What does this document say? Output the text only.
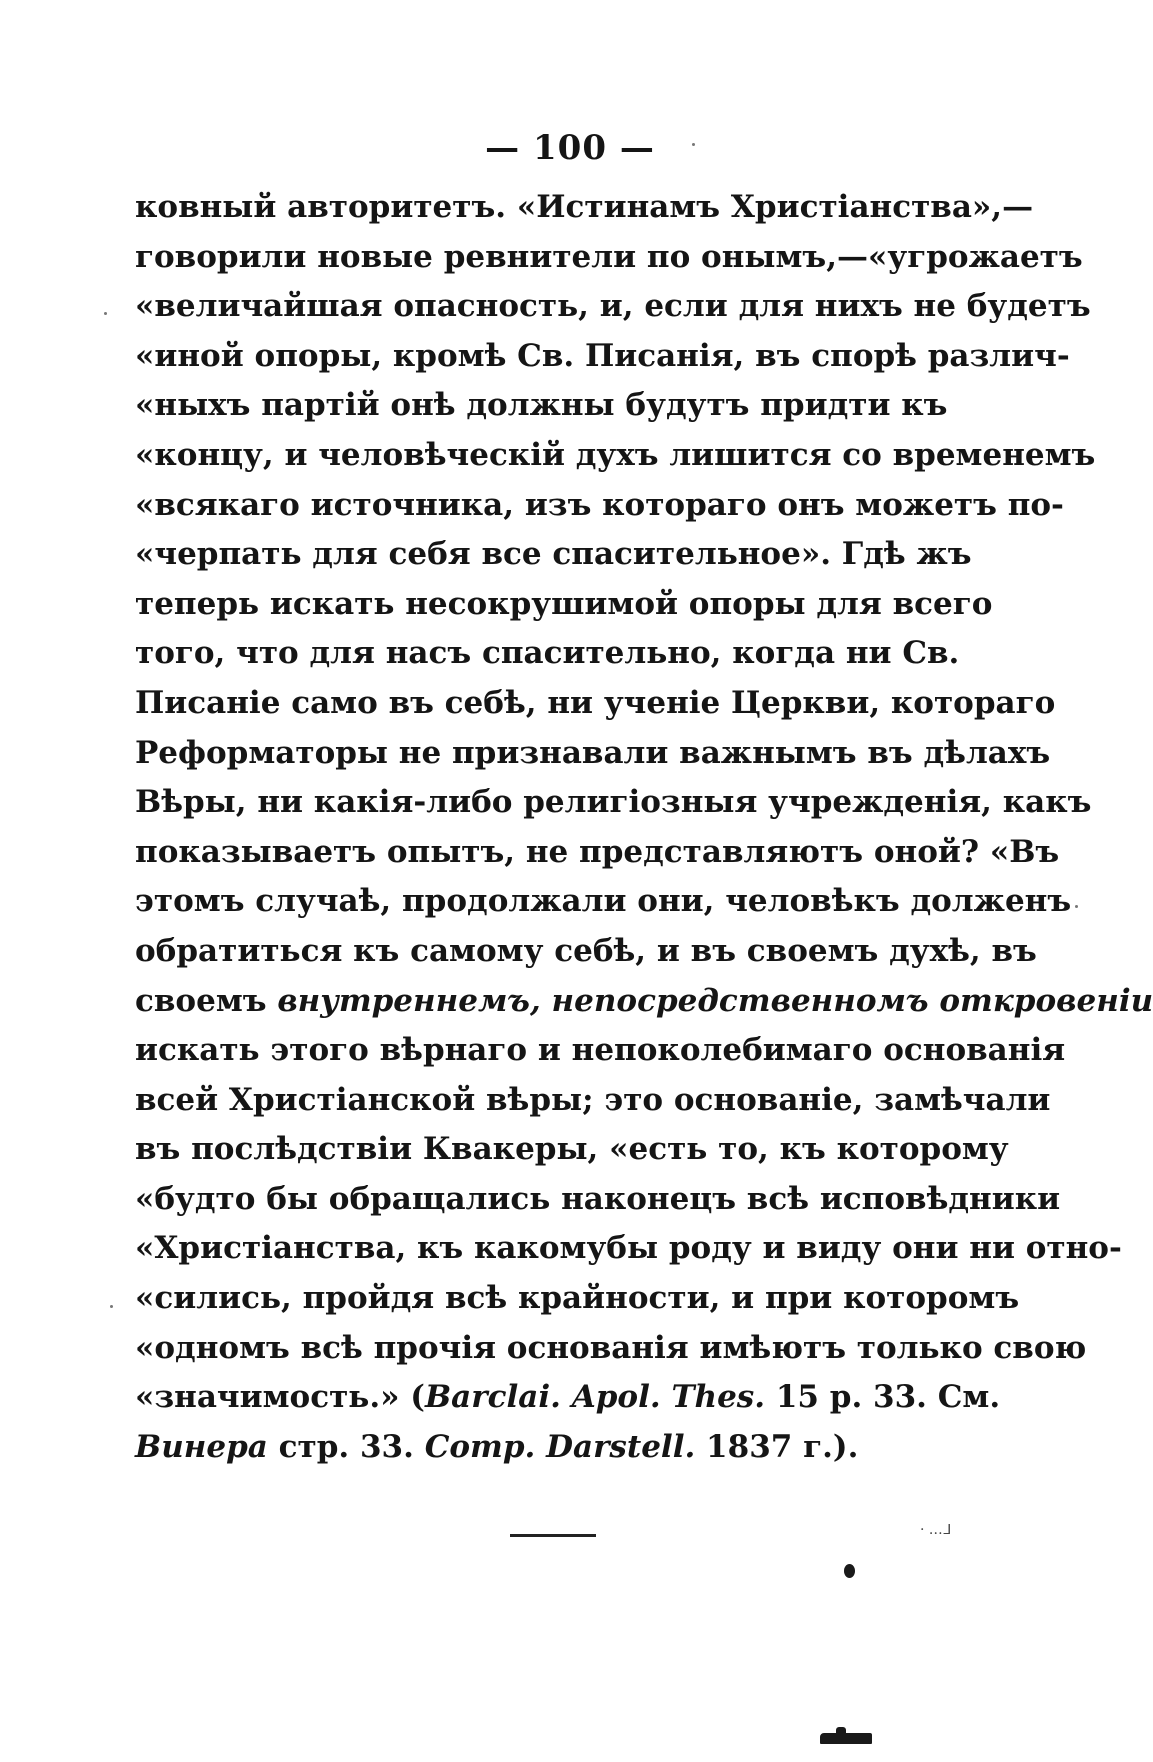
— 100 —
ковный авторитетъ. «Истинамъ Христіанства»,—
говорили новые ревнители по онымъ,—«угрожаетъ
«величайшая опасность, и, если для нихъ не будетъ
«иной опоры, кромѣ Св. Писанія, въ спорѣ различ-
«ныхъ партій онѣ должны будутъ придти къ
«концу, и человѣческій духъ лишится со временемъ
«всякаго источника, изъ котораго онъ можетъ по-
«черпать для себя все спасительное». Гдѣ жъ
теперь искать несокрушимой опоры для всего
того, что для насъ спасительно, когда ни Св.
Писаніе само въ себѣ, ни ученіе Церкви, котораго
Реформаторы не признавали важнымъ въ дѣлахъ
Вѣры, ни какія-либо религіозныя учрежденія, какъ
показываетъ опытъ, не представляютъ оной? «Въ
этомъ случаѣ, продолжали они, человѣкъ долженъ
обратиться къ самому себѣ, и въ своемъ духѣ, въ
своемъ внутреннемъ, непосредственномъ откровеніи
искать этого вѣрнаго и непоколебимаго основанія
всей Христіанской вѣры; это основаніе, замѣчали
въ послѣдствіи Квакеры, «есть то, къ которому
«будто бы обращались наконецъ всѣ исповѣдники
«Христіанства, къ какомубы роду и виду они ни отно-
«сились, пройдя всѣ крайности, и при которомъ
«одномъ всѣ прочія основанія имѣютъ только свою
«значимость.» (Barclai. Apol. Thes. 15 p. 33. См.
Винера стр. 33. Comp. Darstell. 1837 г.).
· .‥ᒧ
